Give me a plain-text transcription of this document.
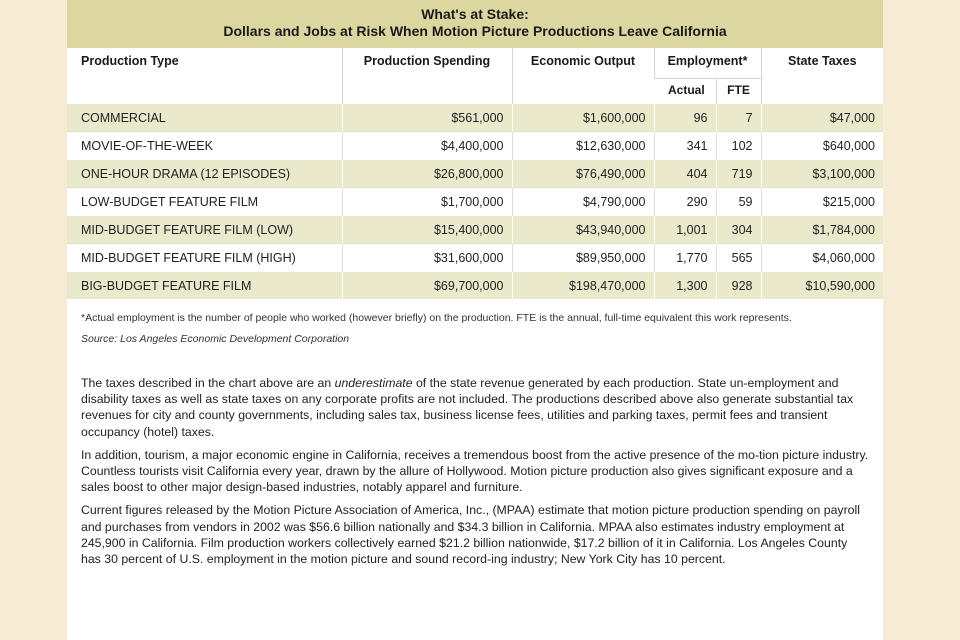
What's at Stake:
Dollars and Jobs at Risk When Motion Picture Productions Leave California
Production Type	Production Spending	Economic Output	Employment*		State Taxes
			Actual	FTE	
COMMERCIAL	$561,000	$1,600,000	96	7	$47,000
MOVIE-OF-THE-WEEK	$4,400,000	$12,630,000	341	102	$640,000
ONE-HOUR DRAMA (12 EPISODES)	$26,800,000	$76,490,000	404	719	$3,100,000
LOW-BUDGET FEATURE FILM	$1,700,000	$4,790,000	290	59	$215,000
MID-BUDGET FEATURE FILM (LOW)	$15,400,000	$43,940,000	1,001	304	$1,784,000
MID-BUDGET FEATURE FILM (HIGH)	$31,600,000	$89,950,000	1,770	565	$4,060,000
BIG-BUDGET FEATURE FILM	$69,700,000	$198,470,000	1,300	928	$10,590,000
*Actual employment is the number of people who worked (however briefly) on the production. FTE is the annual, full-time equivalent this work represents.
Source: Los Angeles Economic Development Corporation

The taxes described in the chart above are an underestimate of the state revenue generated by each production. State un-employment and disability taxes as well as state taxes on any corporate profits are not included. The productions described above also generate substantial tax revenues for city and county governments, including sales tax, business license fees, utilities and parking taxes, permit fees and transient occupancy (hotel) taxes.

In addition, tourism, a major economic engine in California, receives a tremendous boost from the active presence of the mo-tion picture industry. Countless tourists visit California every year, drawn by the allure of Hollywood. Motion picture production also gives significant exposure and a sales boost to other major design-based industries, notably apparel and furniture.

Current figures released by the Motion Picture Association of America, Inc., (MPAA) estimate that motion picture production spending on payroll and purchases from vendors in 2002 was $56.6 billion nationally and $34.3 billion in California. MPAA also estimates industry employment at 245,900 in California. Film production workers collectively earned $21.2 billion nationwide, $17.2 billion of it in California. Los Angeles County has 30 percent of U.S. employment in the motion picture and sound record-ing industry; New York City has 10 percent.
